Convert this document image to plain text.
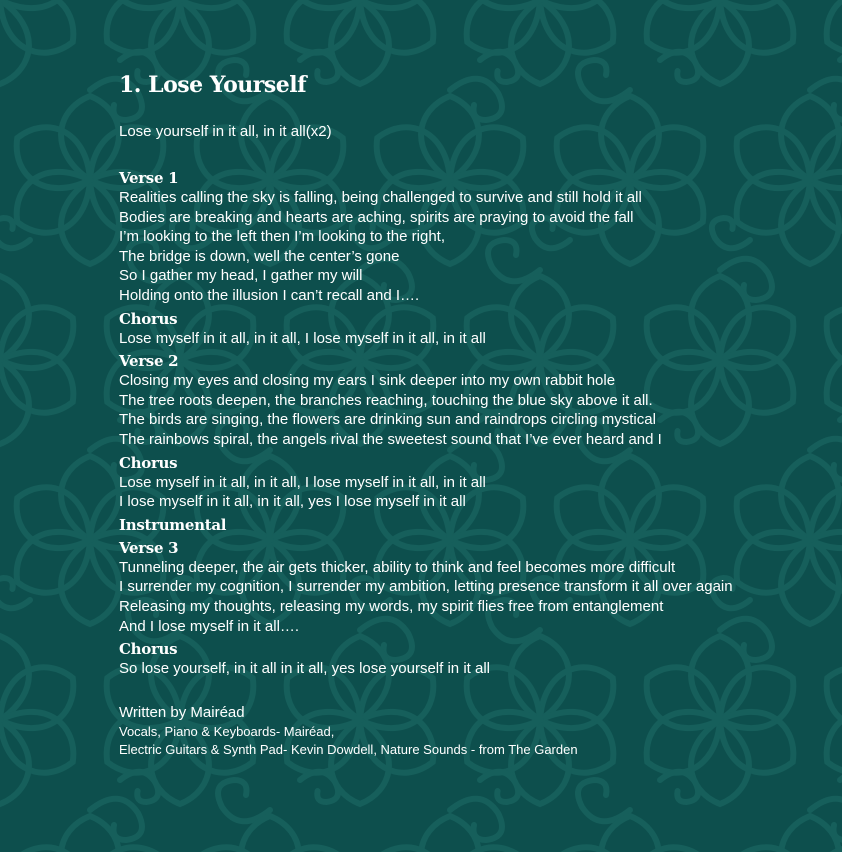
1. Lose Yourself
Lose yourself in it all, in it all(x2)
Verse 1
Realities calling the sky is falling, being challenged to survive and still hold it all
Bodies are breaking and hearts are aching, spirits are praying to avoid the fall
I’m looking to the left then I’m looking to the right,
The bridge is down, well the center’s gone
So I gather my head, I gather my will
Holding onto the illusion I can’t recall and I….
Chorus
Lose myself in it all, in it all, I lose myself in it all, in it all
Verse 2
Closing my eyes and closing my ears I sink deeper into my own rabbit hole
The tree roots deepen, the branches reaching, touching the blue sky above it all.
The birds are singing, the flowers are drinking sun and raindrops circling mystical
The rainbows spiral, the angels rival the sweetest sound that I’ve ever heard and I
Chorus
Lose myself in it all, in it all, I lose myself in it all, in it all
I lose myself in it all, in it all, yes I lose myself in it all
Instrumental
Verse 3
Tunneling deeper, the air gets thicker, ability to think and feel becomes more difficult
I surrender my cognition, I surrender my ambition, letting presence transform it all over again
Releasing my thoughts, releasing my words, my spirit flies free from entanglement
And I lose myself in it all….
Chorus
So lose yourself, in it all in it all, yes lose yourself in it all
Written by Mairéad
Vocals, Piano & Keyboards- Mairéad,
Electric Guitars & Synth Pad- Kevin Dowdell, Nature Sounds - from The Garden
